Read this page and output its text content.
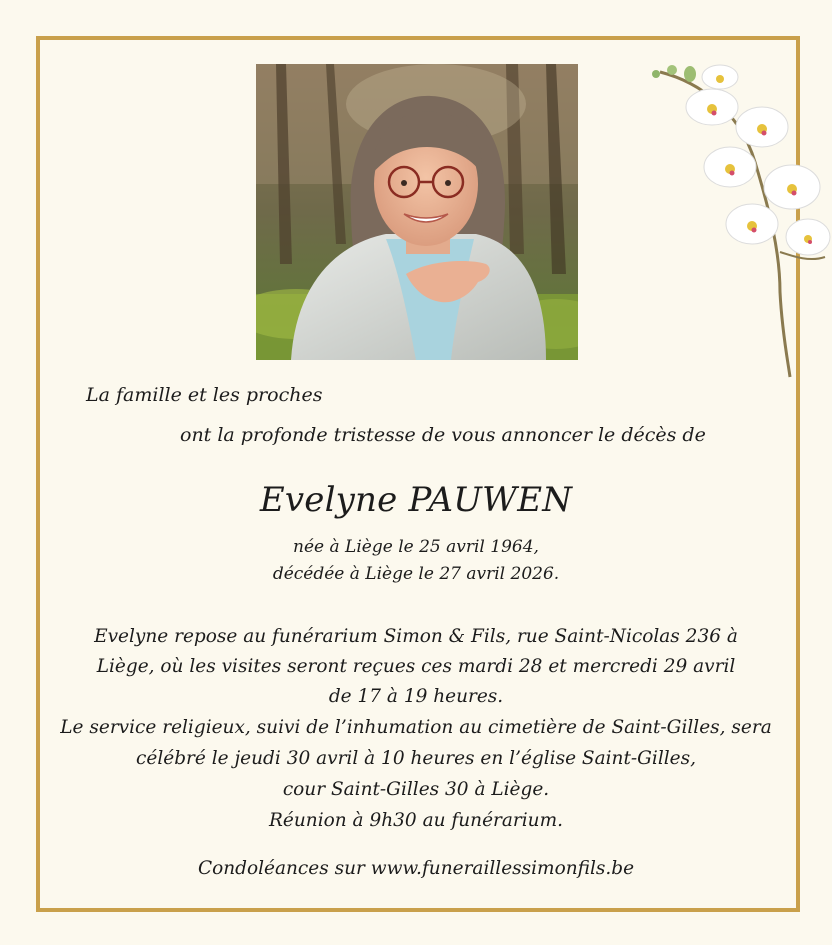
La famille et les proches
ont la profonde tristesse de vous annoncer le décès de
Evelyne PAUWEN
née à Liège le 25 avril 1964,
décédée à Liège le 27 avril 2026.
Evelyne repose au funérarium Simon & Fils, rue Saint-Nicolas 236 à
Liège, où les visites seront reçues ces mardi 28 et mercredi 29 avril
de 17 à 19 heures.
Le service religieux, suivi de l’inhumation au cimetière de Saint-Gilles, sera
célébré le jeudi 30 avril à 10 heures en l’église Saint-Gilles,
cour Saint-Gilles 30 à Liège.
Réunion à 9h30 au funérarium.
Condoléances sur www.funeraillessimonfils.be
